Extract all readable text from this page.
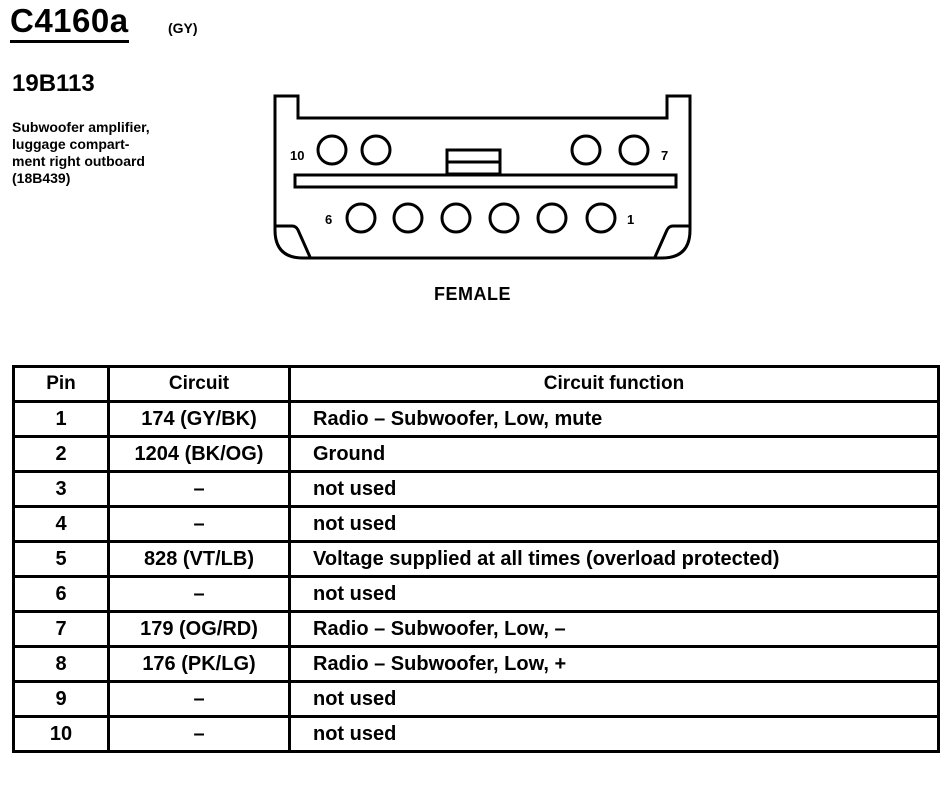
C4160a	(GY)
19B113
Subwoofer amplifier,
luggage compart-
ment right outboard
(18B439)
10	7
6	1
FEMALE
Pin	Circuit	Circuit function
1	174 (GY/BK)	Radio – Subwoofer, Low, mute
2	1204 (BK/OG)	Ground
3	–	not used
4	–	not used
5	828 (VT/LB)	Voltage supplied at all times (overload protected)
6	–	not used
7	179 (OG/RD)	Radio – Subwoofer, Low, –
8	176 (PK/LG)	Radio – Subwoofer, Low, +
9	–	not used
10	–	not used
